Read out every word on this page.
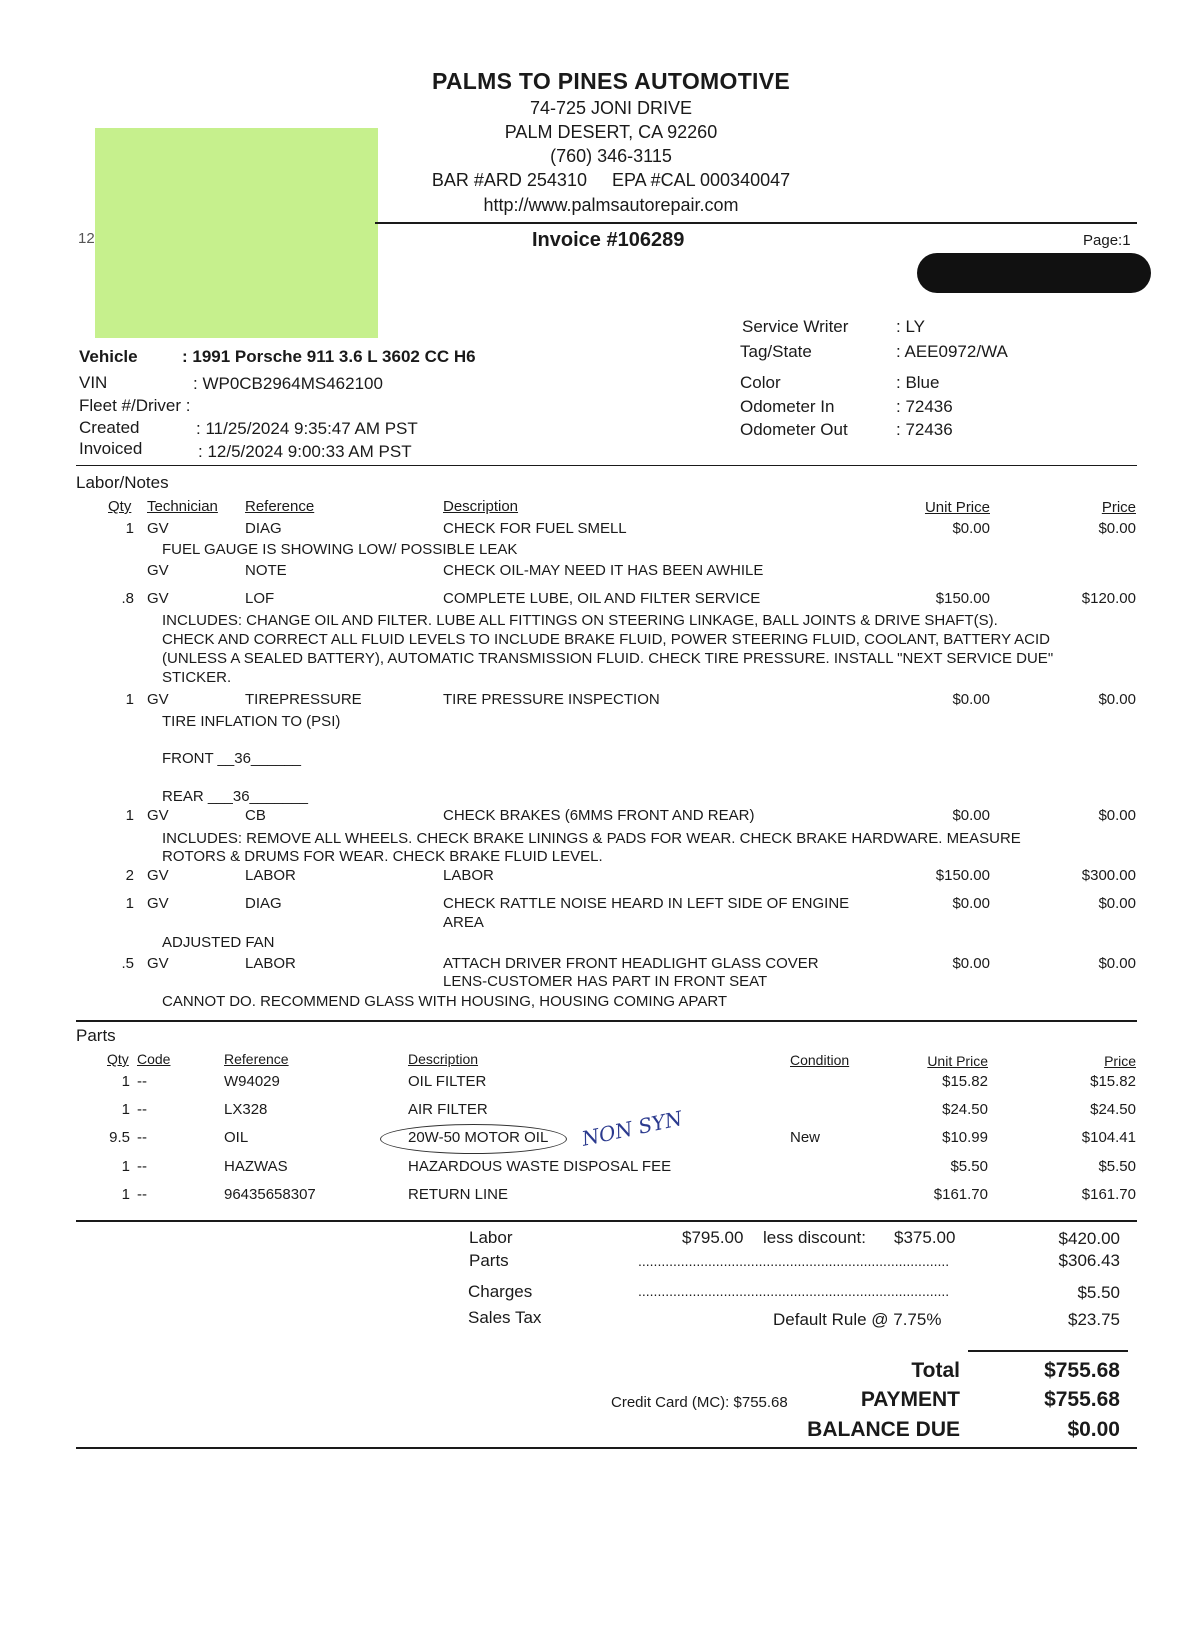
PALMS TO PINES AUTOMOTIVE
74-725 JONI DRIVE
PALM DESERT, CA 92260
(760) 346-3115
BAR #ARD 254310     EPA #CAL 000340047
http://www.palmsautorepair.com
12	Invoice #106289	Page:1
Vehicle	: 1991 Porsche 911 3.6 L 3602 CC H6
VIN	: WP0CB2964MS462100
Fleet #/Driver :
Created	: 11/25/2024 9:35:47 AM PST
Invoiced	: 12/5/2024 9:00:33 AM PST
Service Writer	: LY
Tag/State	: AEE0972/WA
Color	: Blue
Odometer In	: 72436
Odometer Out	: 72436
Labor/Notes
Qty Technician Reference	Description	Unit Price	Price
1 GV	DIAG	CHECK FOR FUEL SMELL	$0.00	$0.00
FUEL GAUGE IS SHOWING LOW/ POSSIBLE LEAK
GV	NOTE	CHECK OIL-MAY NEED IT HAS BEEN AWHILE
.8 GV	LOF	COMPLETE LUBE, OIL AND FILTER SERVICE	$150.00	$120.00
INCLUDES: CHANGE OIL AND FILTER. LUBE ALL FITTINGS ON STEERING LINKAGE, BALL JOINTS & DRIVE SHAFT(S).
CHECK AND CORRECT ALL FLUID LEVELS TO INCLUDE BRAKE FLUID, POWER STEERING FLUID, COOLANT, BATTERY ACID
(UNLESS A SEALED BATTERY), AUTOMATIC TRANSMISSION FLUID. CHECK TIRE PRESSURE. INSTALL "NEXT SERVICE DUE"
STICKER.
1 GV	TIREPRESSURE	TIRE PRESSURE INSPECTION	$0.00	$0.00
TIRE INFLATION TO (PSI)
FRONT __36______
REAR ___36_______
1 GV	CB	CHECK BRAKES (6MMS FRONT AND REAR)	$0.00	$0.00
INCLUDES: REMOVE ALL WHEELS. CHECK BRAKE LININGS & PADS FOR WEAR. CHECK BRAKE HARDWARE. MEASURE
ROTORS & DRUMS FOR WEAR. CHECK BRAKE FLUID LEVEL.
2 GV	LABOR	LABOR	$150.00	$300.00
1 GV	DIAG	CHECK RATTLE NOISE HEARD IN LEFT SIDE OF ENGINE	$0.00	$0.00
AREA
ADJUSTED FAN
.5 GV	LABOR	ATTACH DRIVER FRONT HEADLIGHT GLASS COVER	$0.00	$0.00
LENS-CUSTOMER HAS PART IN FRONT SEAT
CANNOT DO. RECOMMEND GLASS WITH HOUSING, HOUSING COMING APART
Parts
Qty Code	Reference	Description	Condition	Unit Price	Price
1 --	W94029	OIL FILTER	$15.82	$15.82
1 --	LX328	AIR FILTER	$24.50	$24.50
9.5 --	OIL	20W-50 MOTOR OIL	New	$10.99	$104.41
1 --	HAZWAS	HAZARDOUS WASTE DISPOSAL FEE	$5.50	$5.50
1 --	96435658307	RETURN LINE	$161.70	$161.70
NON SYN
Labor	$795.00 less discount: $375.00	$420.00
Parts	................................................................................	$306.43
Charges	................................................................................	$5.50
Sales Tax	Default Rule @ 7.75%	$23.75
Total	$755.68
Credit Card (MC): $755.68	PAYMENT	$755.68
BALANCE DUE	$0.00
